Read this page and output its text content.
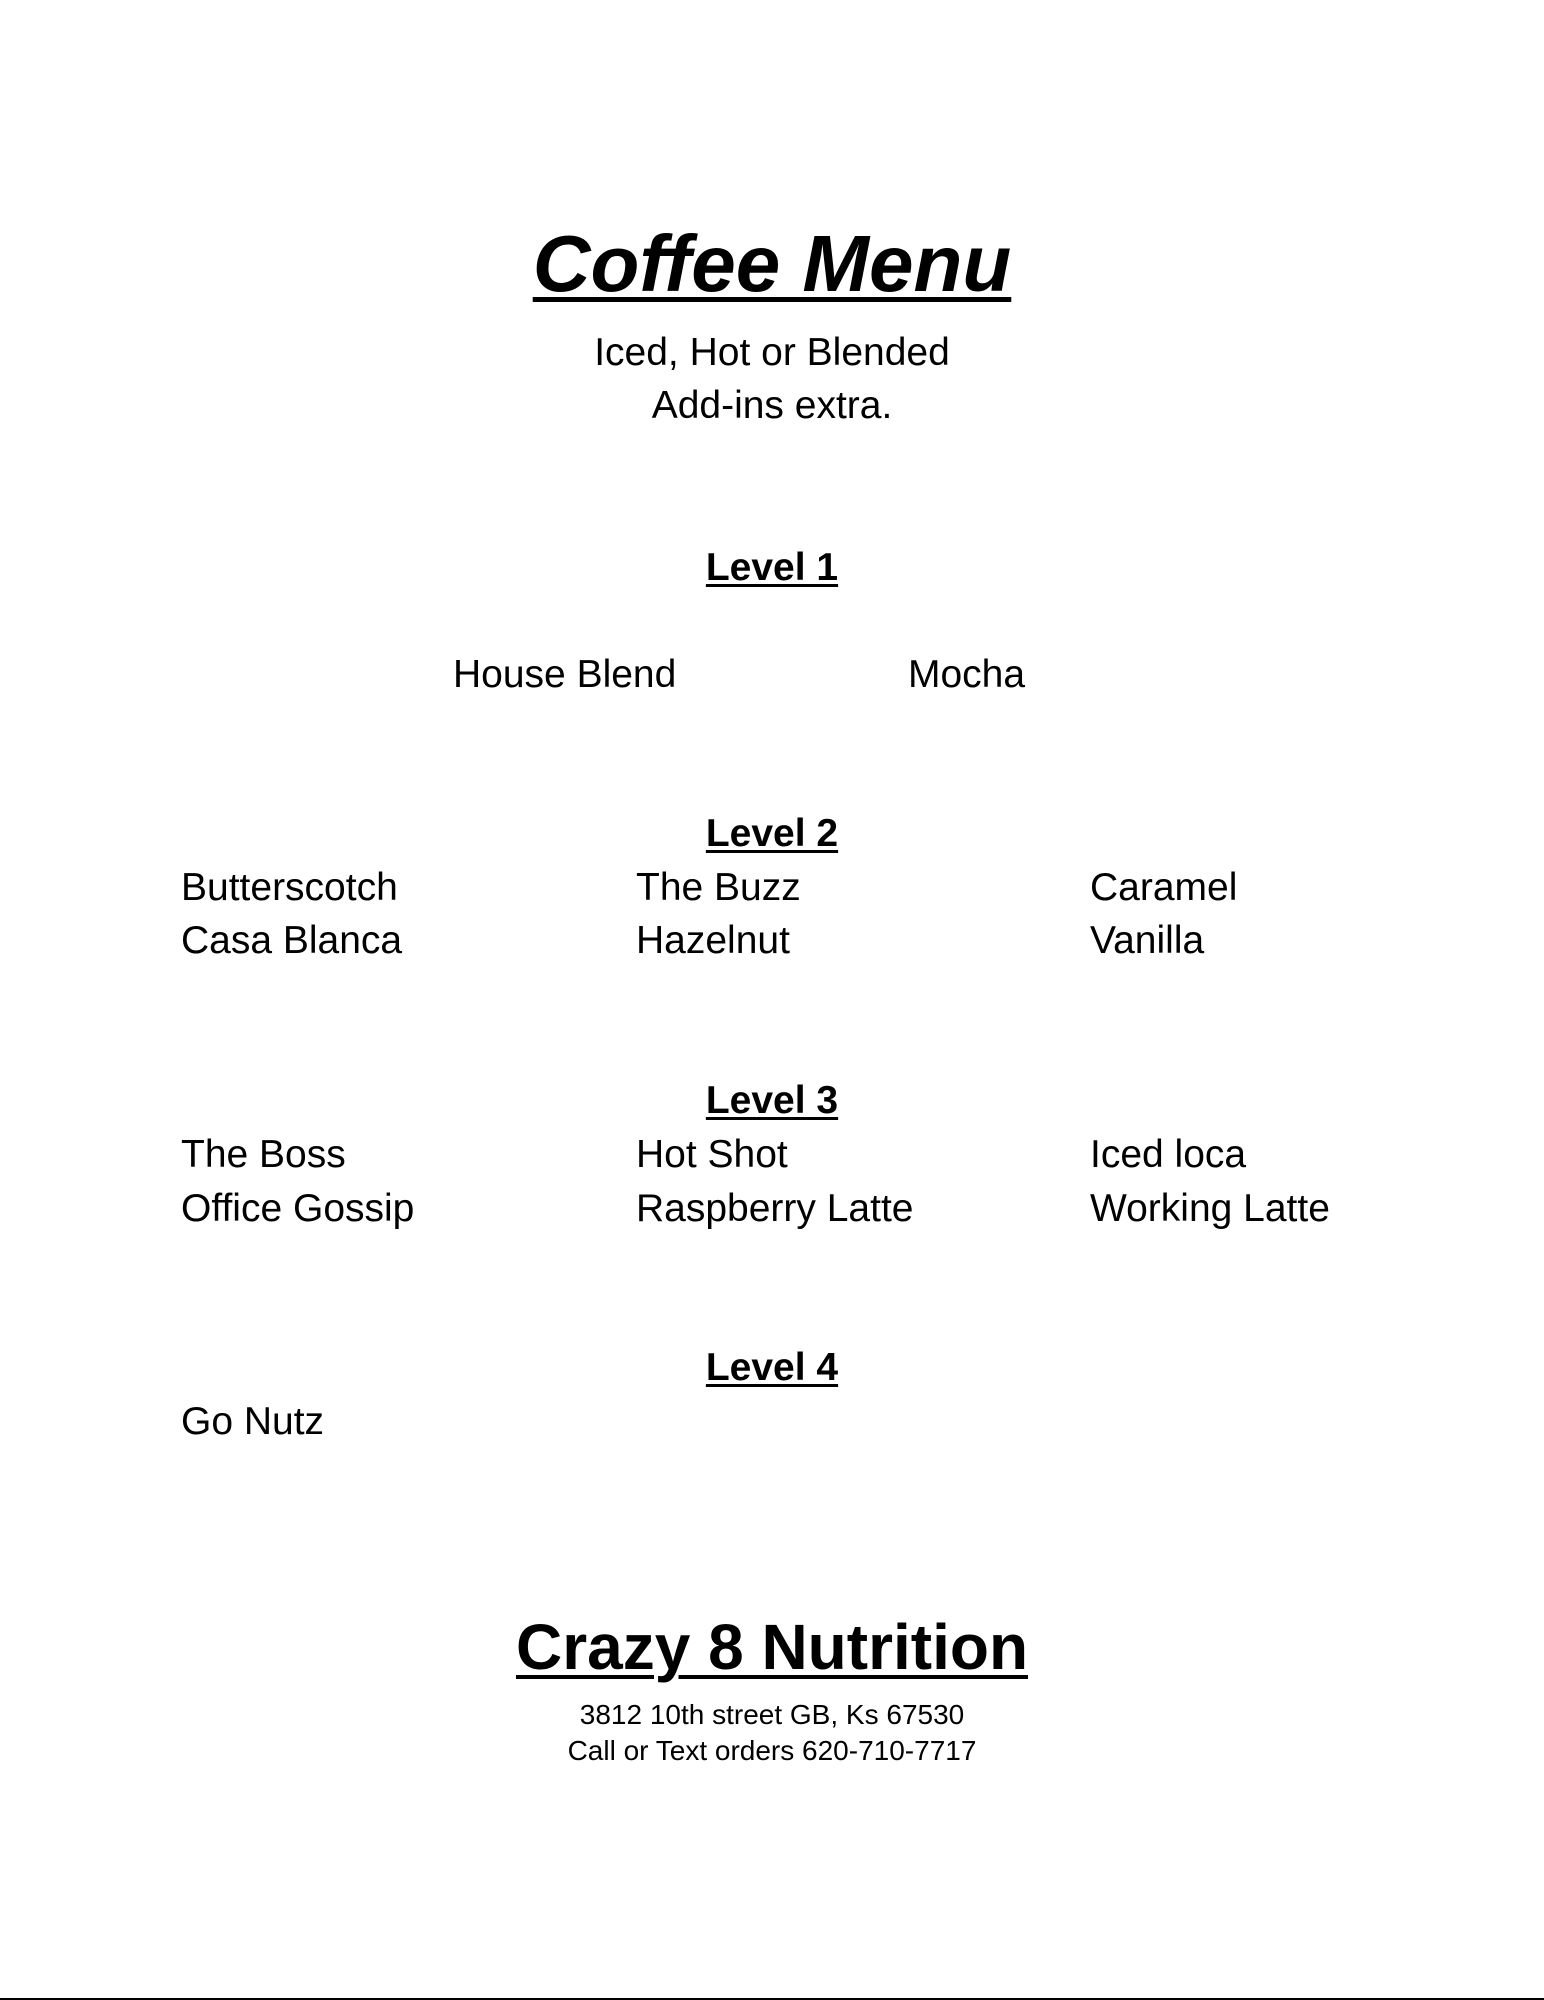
Coffee Menu
Iced, Hot or Blended
Add-ins extra.
Level 1
House Blend	Mocha
Level 2
Butterscotch
Casa Blanca
The Buzz
Hazelnut
Caramel
Vanilla
Level 3
The Boss
Office Gossip
Hot Shot
Raspberry Latte
Iced loca
Working Latte
Level 4
Go Nutz
Crazy 8 Nutrition
3812 10th street GB, Ks 67530
Call or Text orders 620-710-7717
